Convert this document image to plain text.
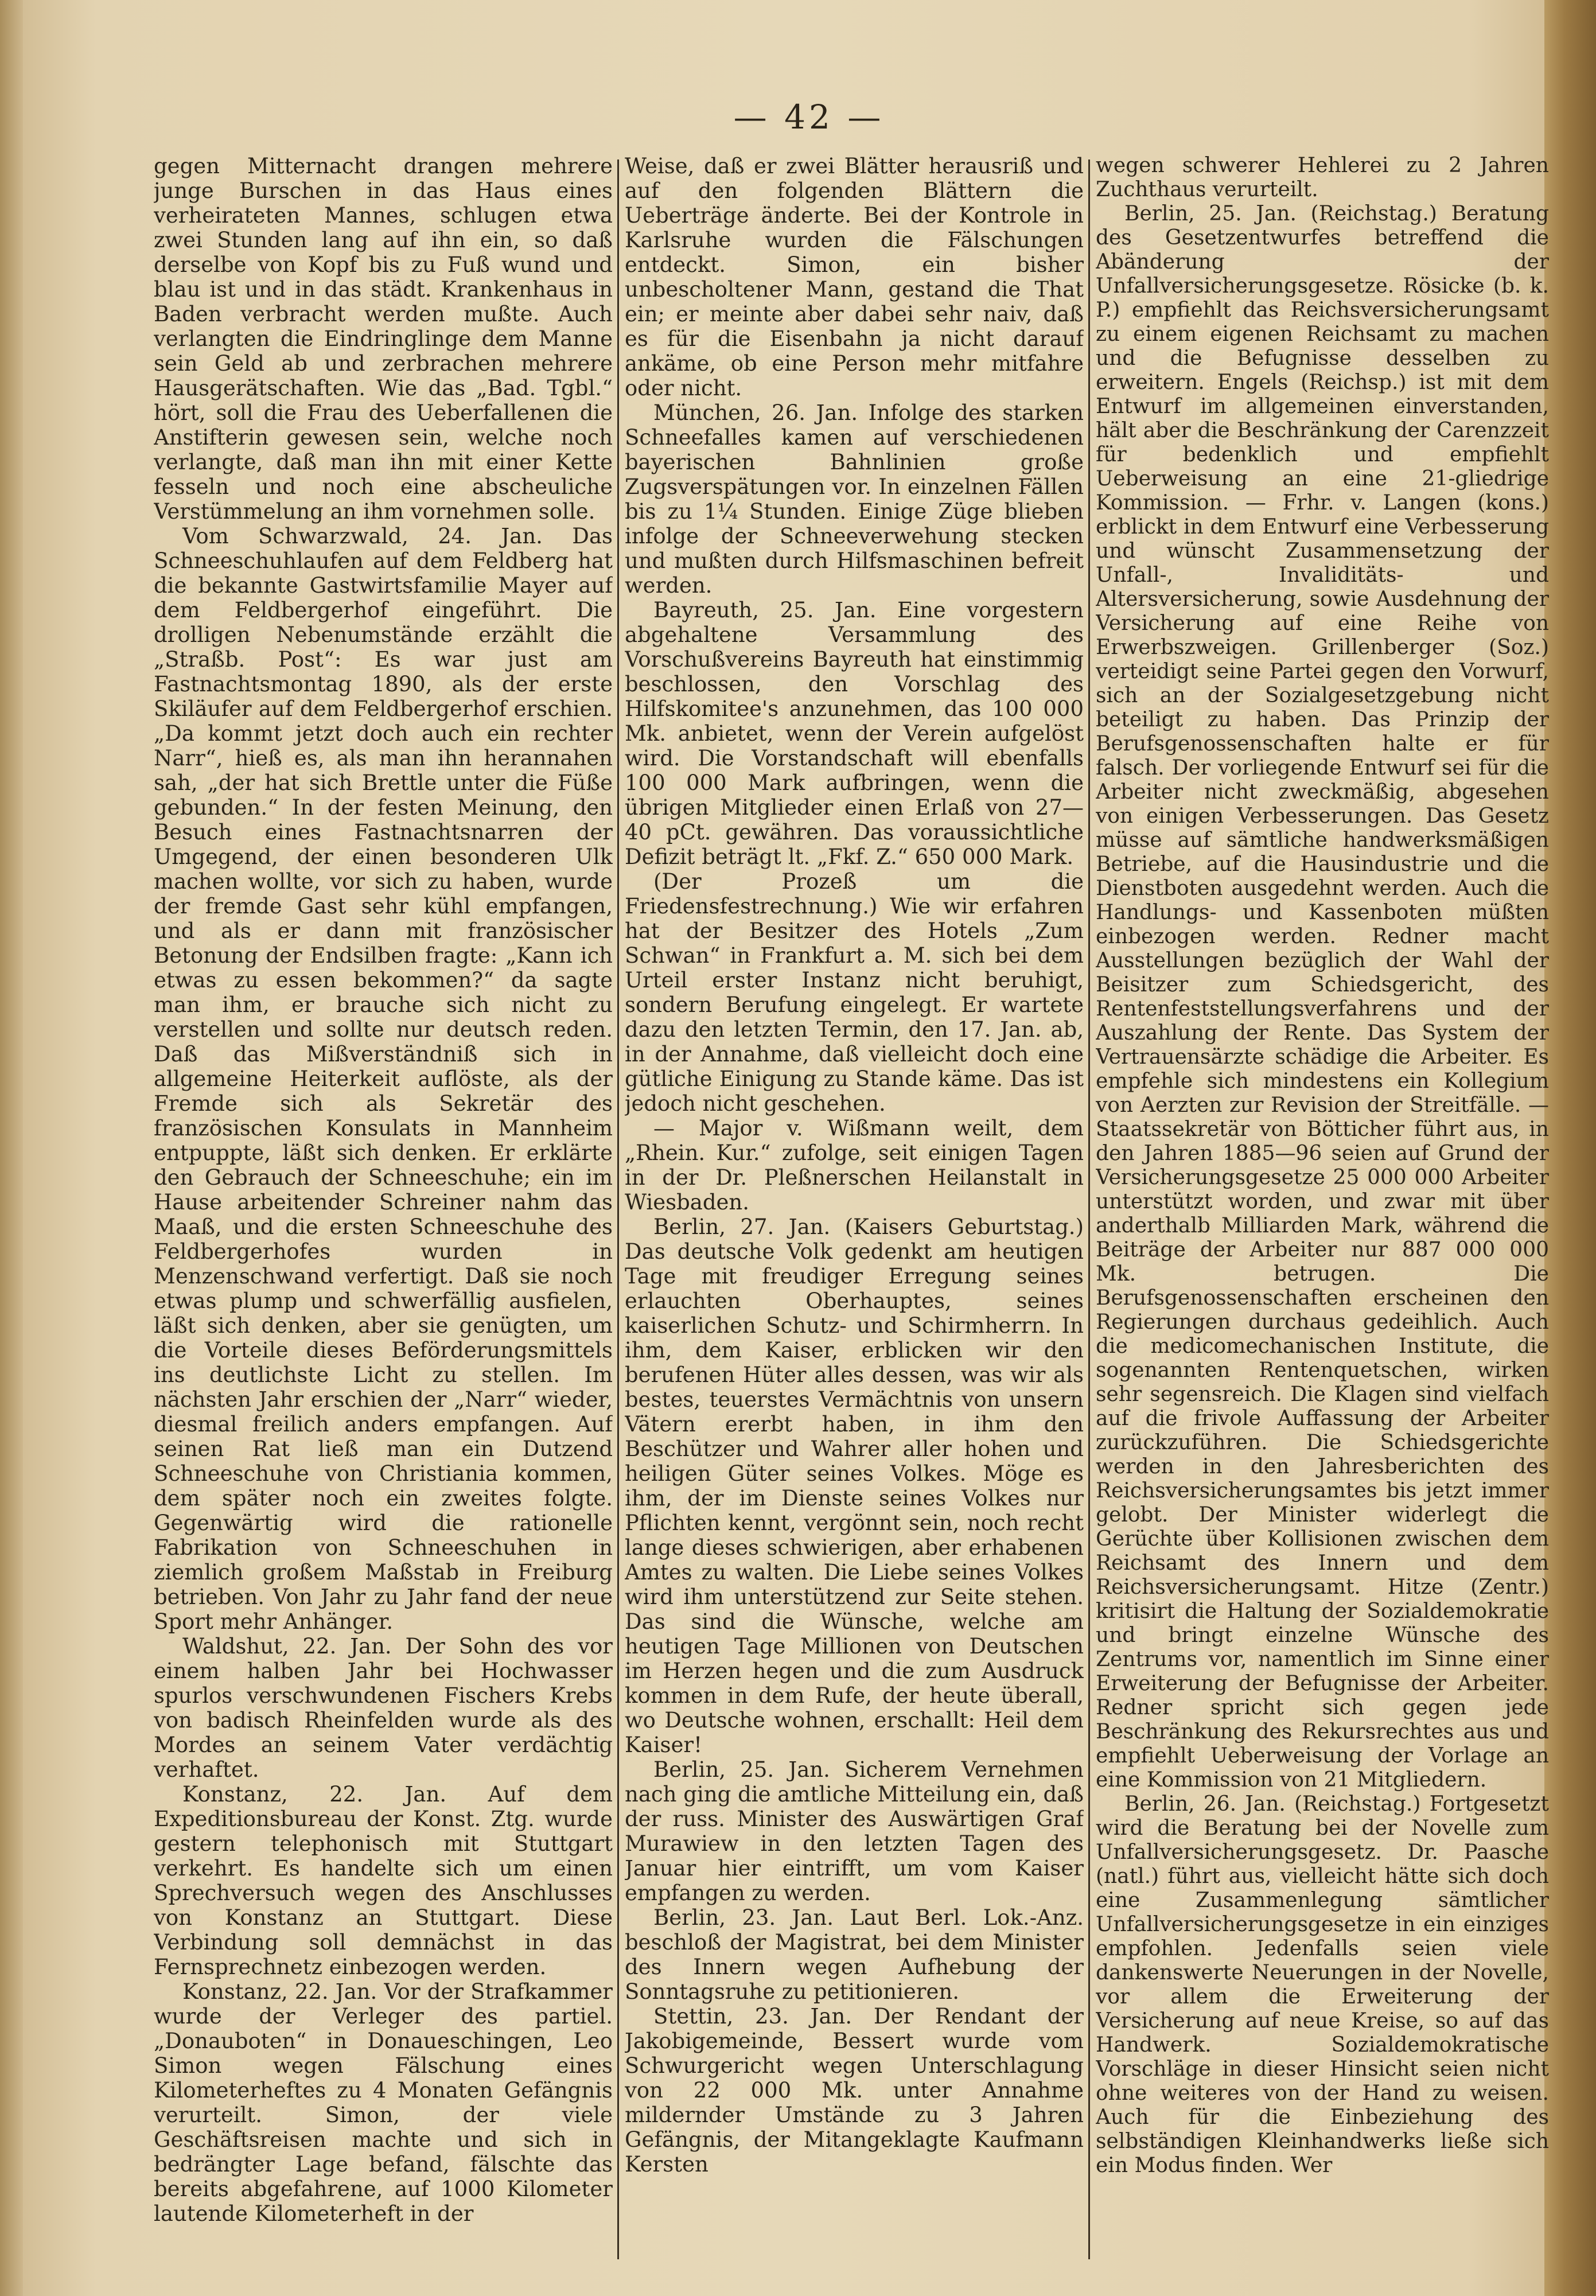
— 42 —

gegen Mitternacht drangen mehrere junge Burschen in das Haus eines verheirateten Mannes, schlugen etwa zwei Stunden lang auf ihn ein, so daß derselbe von Kopf bis zu Fuß wund und blau ist und in das städt. Krankenhaus in Baden verbracht werden mußte. Auch verlangten die Eindringlinge dem Manne sein Geld ab und zerbrachen mehrere Hausgerätschaften. Wie das „Bad. Tgbl.“ hört, soll die Frau des Ueberfallenen die Anstifterin gewesen sein, welche noch verlangte, daß man ihn mit einer Kette fesseln und noch eine abscheuliche Verstümmelung an ihm vornehmen solle.

Vom Schwarzwald, 24. Jan. Das Schneeschuhlaufen auf dem Feldberg hat die bekannte Gastwirtsfamilie Mayer auf dem Feldbergerhof eingeführt. Die drolligen Nebenumstände erzählt die „Straßb. Post“: Es war just am Fastnachtsmontag 1890, als der erste Skiläufer auf dem Feldbergerhof erschien. „Da kommt jetzt doch auch ein rechter Narr“, hieß es, als man ihn herannahen sah, „der hat sich Brettle unter die Füße gebunden.“ In der festen Meinung, den Besuch eines Fastnachtsnarren der Umgegend, der einen besonderen Ulk machen wollte, vor sich zu haben, wurde der fremde Gast sehr kühl empfangen, und als er dann mit französischer Betonung der Endsilben fragte: „Kann ich etwas zu essen bekommen?“ da sagte man ihm, er brauche sich nicht zu verstellen und sollte nur deutsch reden. Daß das Mißverständniß sich in allgemeine Heiterkeit auflöste, als der Fremde sich als Sekretär des französischen Konsulats in Mannheim entpuppte, läßt sich denken. Er erklärte den Gebrauch der Schneeschuhe; ein im Hause arbeitender Schreiner nahm das Maaß, und die ersten Schneeschuhe des Feldbergerhofes wurden in Menzenschwand verfertigt. Daß sie noch etwas plump und schwerfällig ausfielen, läßt sich denken, aber sie genügten, um die Vorteile dieses Beförderungsmittels ins deutlichste Licht zu stellen. Im nächsten Jahr erschien der „Narr“ wieder, diesmal freilich anders empfangen. Auf seinen Rat ließ man ein Dutzend Schneeschuhe von Christiania kommen, dem später noch ein zweites folgte. Gegenwärtig wird die rationelle Fabrikation von Schneeschuhen in ziemlich großem Maßstab in Freiburg betrieben. Von Jahr zu Jahr fand der neue Sport mehr Anhänger.

Waldshut, 22. Jan. Der Sohn des vor einem halben Jahr bei Hochwasser spurlos verschwundenen Fischers Krebs von badisch Rheinfelden wurde als des Mordes an seinem Vater verdächtig verhaftet.

Konstanz, 22. Jan. Auf dem Expeditionsbureau der Konst. Ztg. wurde gestern telephonisch mit Stuttgart verkehrt. Es handelte sich um einen Sprechversuch wegen des Anschlusses von Konstanz an Stuttgart. Diese Verbindung soll demnächst in das Fernsprechnetz einbezogen werden.

Konstanz, 22. Jan. Vor der Strafkammer wurde der Verleger des partiel. „Donauboten“ in Donaueschingen, Leo Simon wegen Fälschung eines Kilometerheftes zu 4 Monaten Gefängnis verurteilt. Simon, der viele Geschäftsreisen machte und sich in bedrängter Lage befand, fälschte das bereits abgefahrene, auf 1000 Kilometer lautende Kilometerheft in der

Weise, daß er zwei Blätter herausriß und auf den folgenden Blättern die Ueberträge änderte. Bei der Kontrole in Karlsruhe wurden die Fälschungen entdeckt. Simon, ein bisher unbescholtener Mann, gestand die That ein; er meinte aber dabei sehr naiv, daß es für die Eisenbahn ja nicht darauf ankäme, ob eine Person mehr mitfahre oder nicht.

München, 26. Jan. Infolge des starken Schneefalles kamen auf verschiedenen bayerischen Bahnlinien große Zugsverspätungen vor. In einzelnen Fällen bis zu 1¼ Stunden. Einige Züge blieben infolge der Schneeverwehung stecken und mußten durch Hilfsmaschinen befreit werden.

Bayreuth, 25. Jan. Eine vorgestern abgehaltene Versammlung des Vorschußvereins Bayreuth hat einstimmig beschlossen, den Vorschlag des Hilfskomitee's anzunehmen, das 100 000 Mk. anbietet, wenn der Verein aufgelöst wird. Die Vorstandschaft will ebenfalls 100 000 Mark aufbringen, wenn die übrigen Mitglieder einen Erlaß von 27—40 pCt. gewähren. Das voraussichtliche Defizit beträgt lt. „Fkf. Z.“ 650 000 Mark.

(Der Prozeß um die Friedensfestrechnung.) Wie wir erfahren hat der Besitzer des Hotels „Zum Schwan“ in Frankfurt a. M. sich bei dem Urteil erster Instanz nicht beruhigt, sondern Berufung eingelegt. Er wartete dazu den letzten Termin, den 17. Jan. ab, in der Annahme, daß vielleicht doch eine gütliche Einigung zu Stande käme. Das ist jedoch nicht geschehen.

— Major v. Wißmann weilt, dem „Rhein. Kur.“ zufolge, seit einigen Tagen in der Dr. Pleßnerschen Heilanstalt in Wiesbaden.

Berlin, 27. Jan. (Kaisers Geburtstag.) Das deutsche Volk gedenkt am heutigen Tage mit freudiger Erregung seines erlauchten Oberhauptes, seines kaiserlichen Schutz- und Schirmherrn. In ihm, dem Kaiser, erblicken wir den berufenen Hüter alles dessen, was wir als bestes, teuerstes Vermächtnis von unsern Vätern ererbt haben, in ihm den Beschützer und Wahrer aller hohen und heiligen Güter seines Volkes. Möge es ihm, der im Dienste seines Volkes nur Pflichten kennt, vergönnt sein, noch recht lange dieses schwierigen, aber erhabenen Amtes zu walten. Die Liebe seines Volkes wird ihm unterstützend zur Seite stehen. Das sind die Wünsche, welche am heutigen Tage Millionen von Deutschen im Herzen hegen und die zum Ausdruck kommen in dem Rufe, der heute überall, wo Deutsche wohnen, erschallt: Heil dem Kaiser!

Berlin, 25. Jan. Sicherem Vernehmen nach ging die amtliche Mitteilung ein, daß der russ. Minister des Auswärtigen Graf Murawiew in den letzten Tagen des Januar hier eintrifft, um vom Kaiser empfangen zu werden.

Berlin, 23. Jan. Laut Berl. Lok.-Anz. beschloß der Magistrat, bei dem Minister des Innern wegen Aufhebung der Sonntagsruhe zu petitionieren.

Stettin, 23. Jan. Der Rendant der Jakobigemeinde, Bessert wurde vom Schwurgericht wegen Unterschlagung von 22 000 Mk. unter Annahme mildernder Umstände zu 3 Jahren Gefängnis, der Mitangeklagte Kaufmann Kersten

wegen schwerer Hehlerei zu 2 Jahren Zuchthaus verurteilt.

Berlin, 25. Jan. (Reichstag.) Beratung des Gesetzentwurfes betreffend die Abänderung der Unfallversicherungsgesetze. Rösicke (b. k. P.) empfiehlt das Reichsversicherungsamt zu einem eigenen Reichsamt zu machen und die Befugnisse desselben zu erweitern. Engels (Reichsp.) ist mit dem Entwurf im allgemeinen einverstanden, hält aber die Beschränkung der Carenzzeit für bedenklich und empfiehlt Ueberweisung an eine 21-gliedrige Kommission. — Frhr. v. Langen (kons.) erblickt in dem Entwurf eine Verbesserung und wünscht Zusammensetzung der Unfall-, Invaliditäts- und Altersversicherung, sowie Ausdehnung der Versicherung auf eine Reihe von Erwerbszweigen. Grillenberger (Soz.) verteidigt seine Partei gegen den Vorwurf, sich an der Sozialgesetzgebung nicht beteiligt zu haben. Das Prinzip der Berufsgenossenschaften halte er für falsch. Der vorliegende Entwurf sei für die Arbeiter nicht zweckmäßig, abgesehen von einigen Verbesserungen. Das Gesetz müsse auf sämtliche handwerksmäßigen Betriebe, auf die Hausindustrie und die Dienstboten ausgedehnt werden. Auch die Handlungs- und Kassenboten müßten einbezogen werden. Redner macht Ausstellungen bezüglich der Wahl der Beisitzer zum Schiedsgericht, des Rentenfeststellungsverfahrens und der Auszahlung der Rente. Das System der Vertrauensärzte schädige die Arbeiter. Es empfehle sich mindestens ein Kollegium von Aerzten zur Revision der Streitfälle. — Staatssekretär von Bötticher führt aus, in den Jahren 1885—96 seien auf Grund der Versicherungsgesetze 25 000 000 Arbeiter unterstützt worden, und zwar mit über anderthalb Milliarden Mark, während die Beiträge der Arbeiter nur 887 000 000 Mk. betrugen. Die Berufsgenossenschaften erscheinen den Regierungen durchaus gedeihlich. Auch die medicomechanischen Institute, die sogenannten Rentenquetschen, wirken sehr segensreich. Die Klagen sind vielfach auf die frivole Auffassung der Arbeiter zurückzuführen. Die Schiedsgerichte werden in den Jahresberichten des Reichsversicherungsamtes bis jetzt immer gelobt. Der Minister widerlegt die Gerüchte über Kollisionen zwischen dem Reichsamt des Innern und dem Reichsversicherungsamt. Hitze (Zentr.) kritisirt die Haltung der Sozialdemokratie und bringt einzelne Wünsche des Zentrums vor, namentlich im Sinne einer Erweiterung der Befugnisse der Arbeiter. Redner spricht sich gegen jede Beschränkung des Rekursrechtes aus und empfiehlt Ueberweisung der Vorlage an eine Kommission von 21 Mitgliedern.

Berlin, 26. Jan. (Reichstag.) Fortgesetzt wird die Beratung bei der Novelle zum Unfallversicherungsgesetz. Dr. Paasche (natl.) führt aus, vielleicht hätte sich doch eine Zusammenlegung sämtlicher Unfallversicherungsgesetze in ein einziges empfohlen. Jedenfalls seien viele dankenswerte Neuerungen in der Novelle, vor allem die Erweiterung der Versicherung auf neue Kreise, so auf das Handwerk. Sozialdemokratische Vorschläge in dieser Hinsicht seien nicht ohne weiteres von der Hand zu weisen. Auch für die Einbeziehung des selbständigen Kleinhandwerks ließe sich ein Modus finden. Wer
